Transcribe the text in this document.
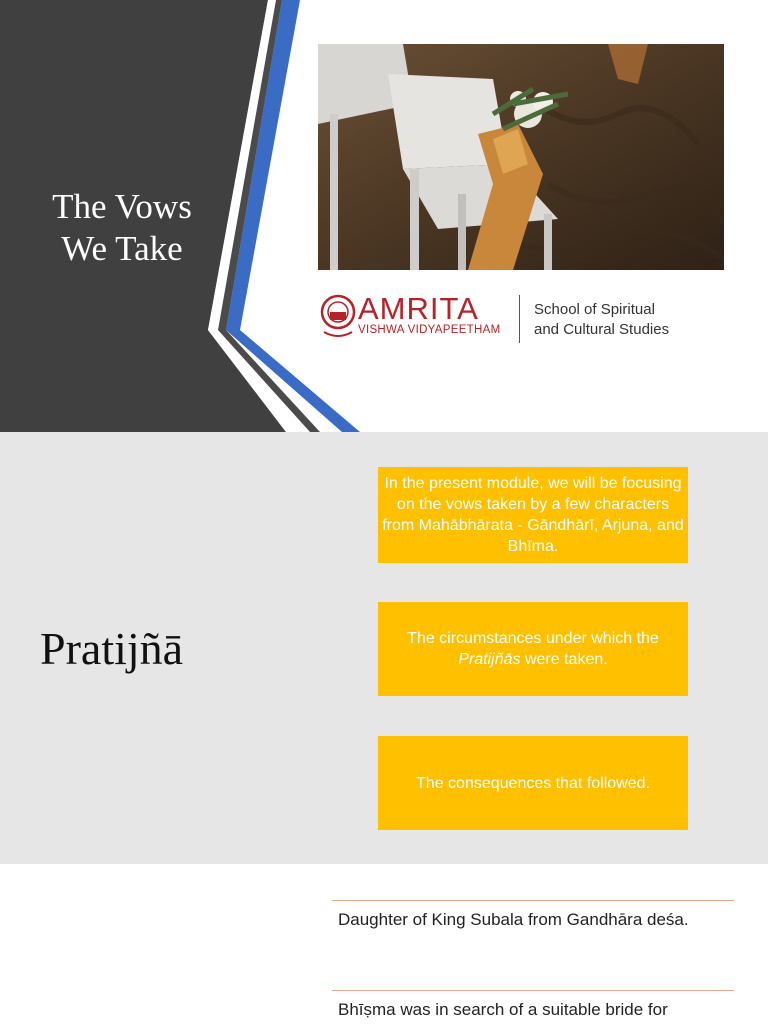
The Vows
We Take
AMRITA
VISHWA VIDYAPEETHAM
School of Spiritual
and Cultural Studies
Pratijñā
In the present module, we will be focusing on the vows taken by a few characters from Mahābhārata - Gāndhārī, Arjuna, and Bhīma.
The circumstances under which the
Pratijñās were taken.
The consequences that followed.
Daughter of King Subala from Gandhāra deśa.
Bhīṣma was in search of a suitable bride for
